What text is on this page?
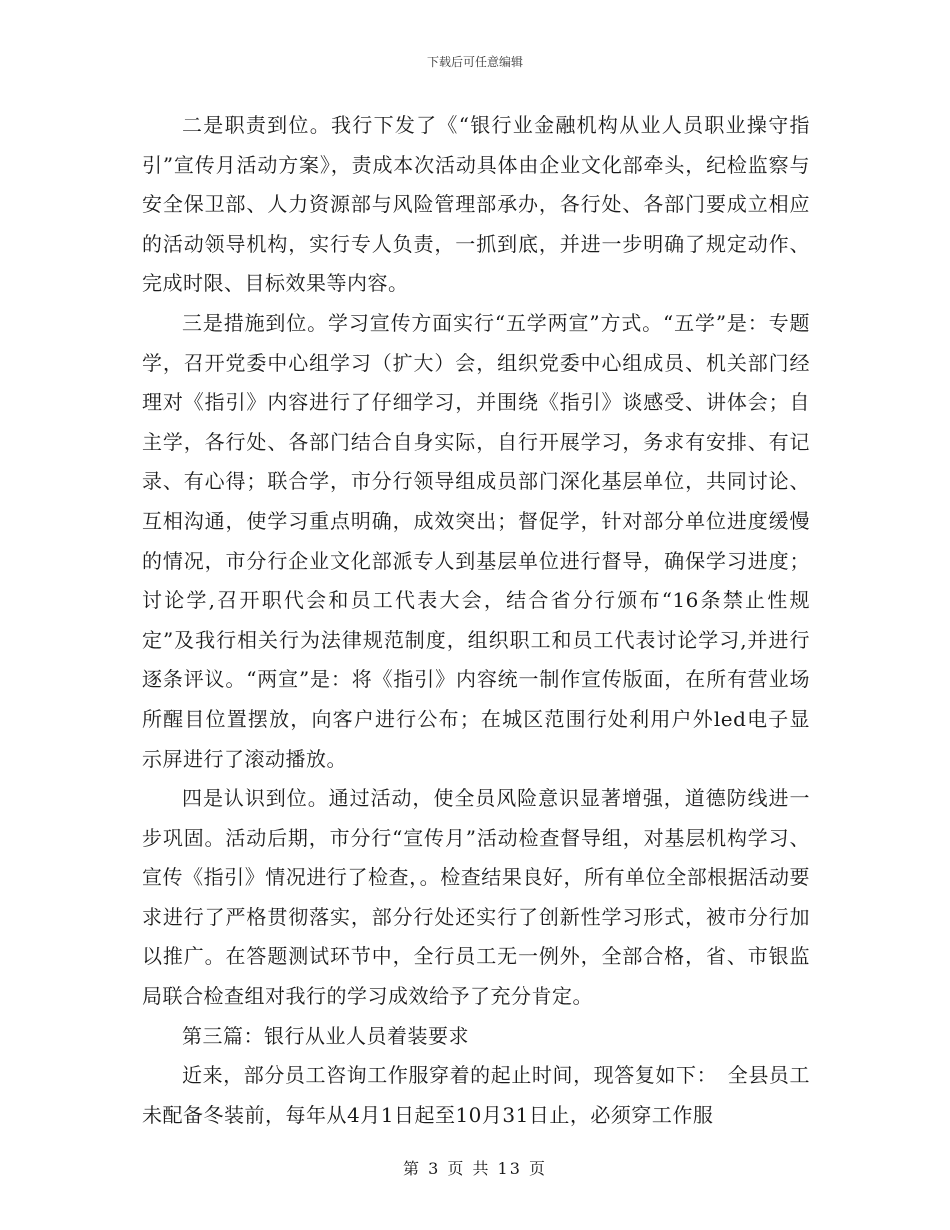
下载后可任意编辑

二是职责到位。我行下发了《“银行业金融机构从业人员职业操守指引”宣传月活动方案》，责成本次活动具体由企业文化部牵头，纪检监察与安全保卫部、人力资源部与风险管理部承办，各行处、各部门要成立相应的活动领导机构，实行专人负责，一抓到底，并进一步明确了规定动作、完成时限、目标效果等内容。

三是措施到位。学习宣传方面实行“五学两宣”方式。“五学”是：专题学，召开党委中心组学习（扩大）会，组织党委中心组成员、机关部门经理对《指引》内容进行了仔细学习，并围绕《指引》谈感受、讲体会；自主学，各行处、各部门结合自身实际，自行开展学习，务求有安排、有记录、有心得；联合学，市分行领导组成员部门深化基层单位，共同讨论、互相沟通，使学习重点明确，成效突出；督促学，针对部分单位进度缓慢的情况，市分行企业文化部派专人到基层单位进行督导，确保学习进度；讨论学,召开职代会和员工代表大会，结合省分行颁布“16条禁止性规定”及我行相关行为法律规范制度，组织职工和员工代表讨论学习,并进行逐条评议。“两宣”是：将《指引》内容统一制作宣传版面，在所有营业场所醒目位置摆放，向客户进行公布；在城区范围行处利用户外led电子显示屏进行了滚动播放。

四是认识到位。通过活动，使全员风险意识显著增强，道德防线进一步巩固。活动后期，市分行“宣传月”活动检查督导组，对基层机构学习、宣传《指引》情况进行了检查，。检查结果良好，所有单位全部根据活动要求进行了严格贯彻落实，部分行处还实行了创新性学习形式，被市分行加以推广。在答题测试环节中，全行员工无一例外，全部合格，省、市银监局联合检查组对我行的学习成效给予了充分肯定。

第三篇：银行从业人员着装要求

近来，部分员工咨询工作服穿着的起止时间，现答复如下：　全县员工未配备冬装前，每年从4月1日起至10月31日止，必须穿工作服

第 3 页 共 13 页
